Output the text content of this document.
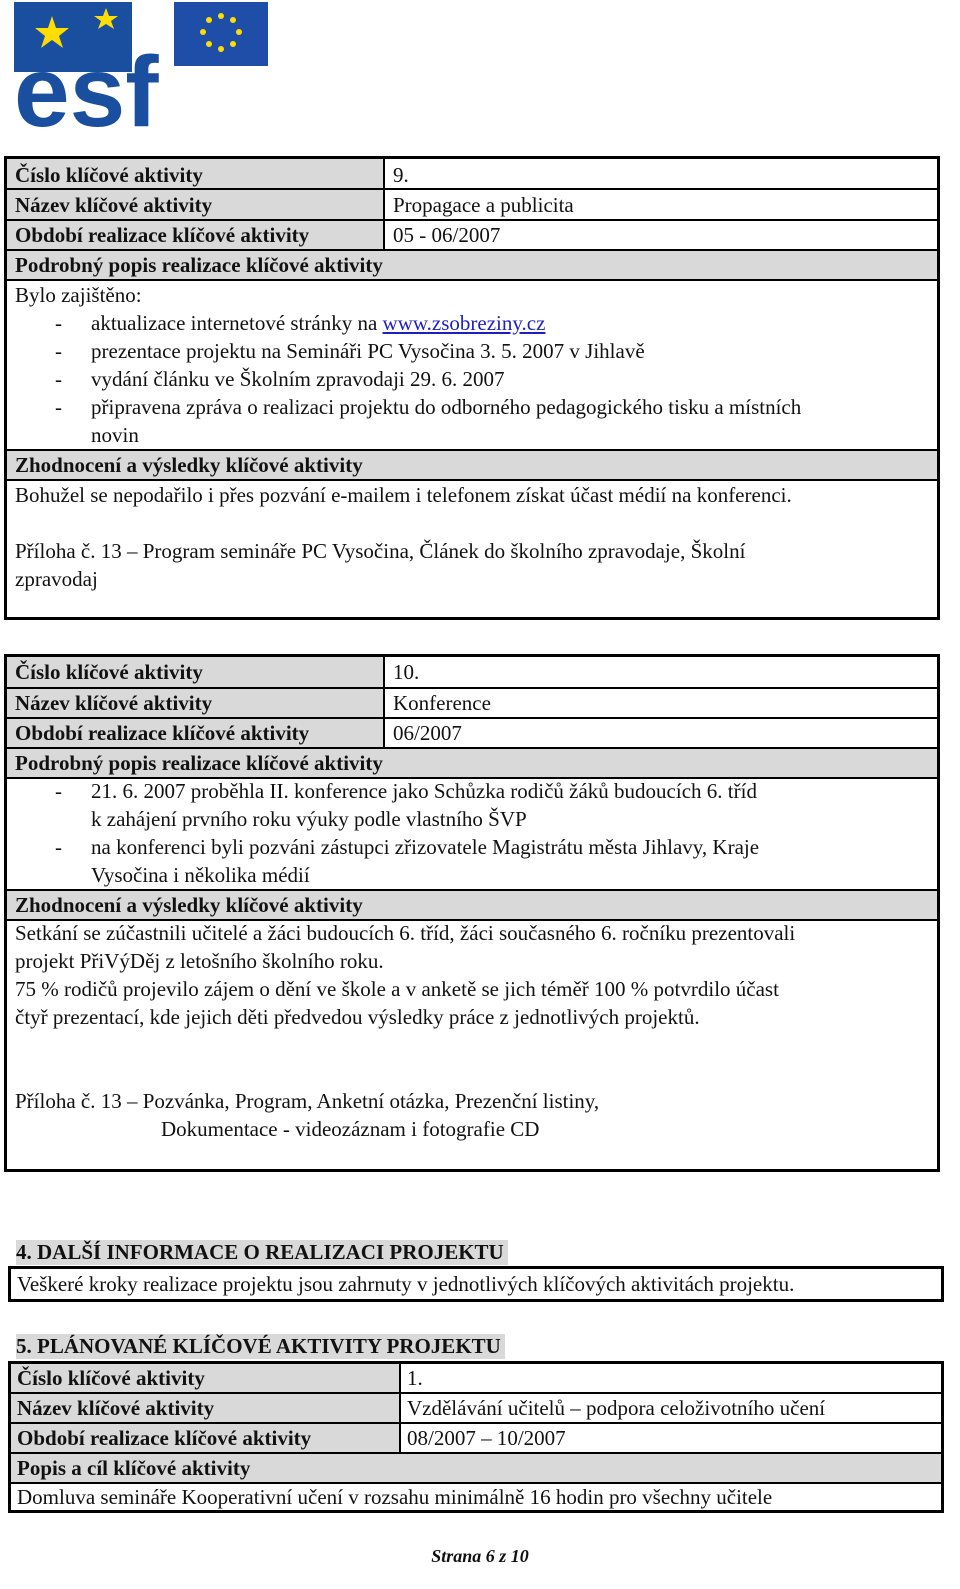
esf
Číslo klíčové aktivity	9.
Název klíčové aktivity	Propagace a publicita
Období realizace klíčové aktivity	05 - 06/2007
Podrobný popis realizace klíčové aktivity
Bylo zajištěno:
- aktualizace internetové stránky na www.zsobreziny.cz
- prezentace projektu na Semináři PC Vysočina 3. 5. 2007 v Jihlavě
- vydání článku ve Školním zpravodaji 29. 6. 2007
- připravena zpráva o realizaci projektu do odborného pedagogického tisku a místních
novin
Zhodnocení a výsledky klíčové aktivity
Bohužel se nepodařilo i přes pozvání e-mailem i telefonem získat účast médií na konferenci.
Příloha č. 13 – Program semináře PC Vysočina, Článek do školního zpravodaje, Školní
zpravodaj
Číslo klíčové aktivity	10.
Název klíčové aktivity	Konference
Období realizace klíčové aktivity	06/2007
Podrobný popis realizace klíčové aktivity
- 21. 6. 2007 proběhla II. konference jako Schůzka rodičů žáků budoucích 6. tříd
k zahájení prvního roku výuky podle vlastního ŠVP
- na konferenci byli pozváni zástupci zřizovatele Magistrátu města Jihlavy, Kraje
Vysočina i několika médií
Zhodnocení a výsledky klíčové aktivity
Setkání se zúčastnili učitelé a žáci budoucích 6. tříd, žáci současného 6. ročníku prezentovali
projekt PřiVýDěj z letošního školního roku.
75 % rodičů projevilo zájem o dění ve škole a v anketě se jich téměř 100 % potvrdilo účast
čtyř prezentací, kde jejich děti předvedou výsledky práce z jednotlivých projektů.
Příloha č. 13 – Pozvánka, Program, Anketní otázka, Prezenční listiny,
Dokumentace - videozáznam i fotografie CD
4. DALŠÍ INFORMACE O REALIZACI PROJEKTU
Veškeré kroky realizace projektu jsou zahrnuty v jednotlivých klíčových aktivitách projektu.
5. PLÁNOVANÉ KLÍČOVÉ AKTIVITY PROJEKTU
Číslo klíčové aktivity	1.
Název klíčové aktivity	Vzdělávání učitelů – podpora celoživotního učení
Období realizace klíčové aktivity	08/2007 – 10/2007
Popis a cíl klíčové aktivity
Domluva semináře Kooperativní učení v rozsahu minimálně 16 hodin pro všechny učitele
Strana 6 z 10
